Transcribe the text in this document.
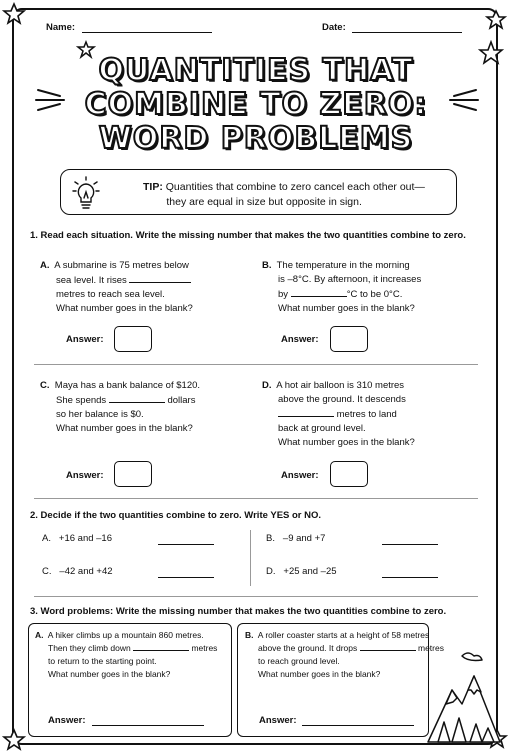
Name:	Date:
QUANTITIES THAT
COMBINE TO ZERO:
WORD PROBLEMS
TIP: Quantities that combine to zero cancel each other out—
they are equal in size but opposite in sign.
1. Read each situation. Write the missing number that makes the two quantities combine to zero.
A. A submarine is 75 metres below
sea level. It rises
metres to reach sea level.
What number goes in the blank?
Answer:
B. The temperature in the morning
is –8°C. By afternoon, it increases
by	°C to be 0°C.
What number goes in the blank?
Answer:
C. Maya has a bank balance of $120.
She spends	dollars
so her balance is $0.
What number goes in the blank?
Answer:
D. A hot air balloon is 310 metres
above the ground. It descends
metres to land
back at ground level.
What number goes in the blank?
Answer:
2. Decide if the two quantities combine to zero. Write YES or NO.
A. +16 and –16	B. –9 and +7
C. –42 and +42	D. +25 and –25
3. Word problems: Write the missing number that makes the two quantities combine to zero.
A. A hiker climbs up a mountain 860 metres.
Then they climb down	metres
to return to the starting point.
What number goes in the blank?
Answer:
B. A roller coaster starts at a height of 58 metres
above the ground. It drops	metres
to reach ground level.
What number goes in the blank?
Answer:
